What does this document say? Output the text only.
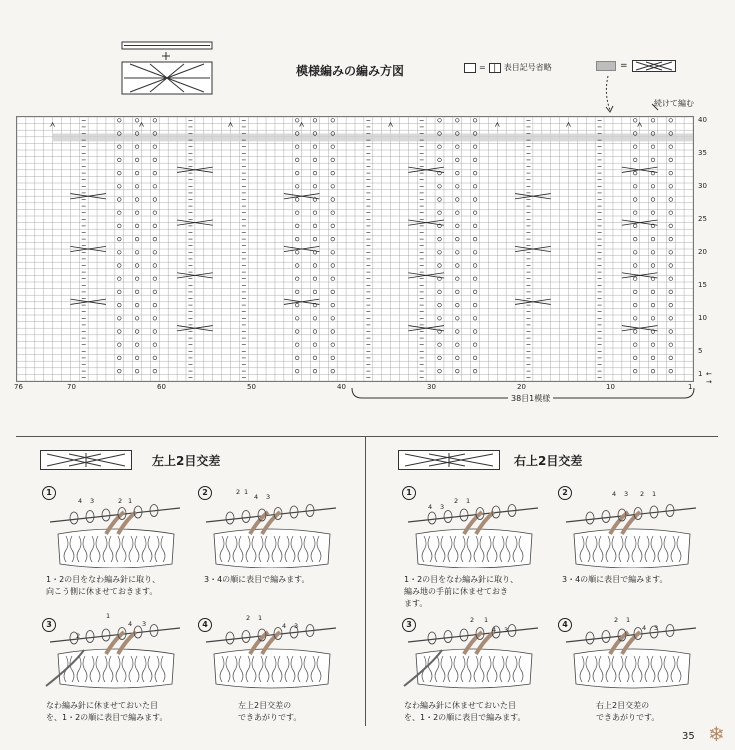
模様編みの編み方図	= | 表目記号省略	=
続けて編む
40
35
30
25
20
15
10
5
1 ←
→
76	70	60	50	40	30	20	10	1
38目1模様
左上2目交差
1	2
3	4
4 3	2 1	4 3
2 1
2
1
4 3
2 1
4 3
1・2の目をなわ編み針に取り、
向こう側に休ませておきます。
3・4の順に表目で編みます。
なわ編み針に休ませておいた目
を、1・2の順に表目で編みます。
左上2目交差の
できあがりです。
右上2目交差
1	2
3	4
4 3
2 1
4 3 2 1
2 1
4 3
2 1
4 3
1・2の目をなわ編み針に取り、
編み地の手前に休ませておき
ます。
3・4の順に表目で編みます。
なわ編み針に休ませておいた目
を、1・2の順に表目で編みます。
右上2目交差の
できあがりです。
35 ❄
